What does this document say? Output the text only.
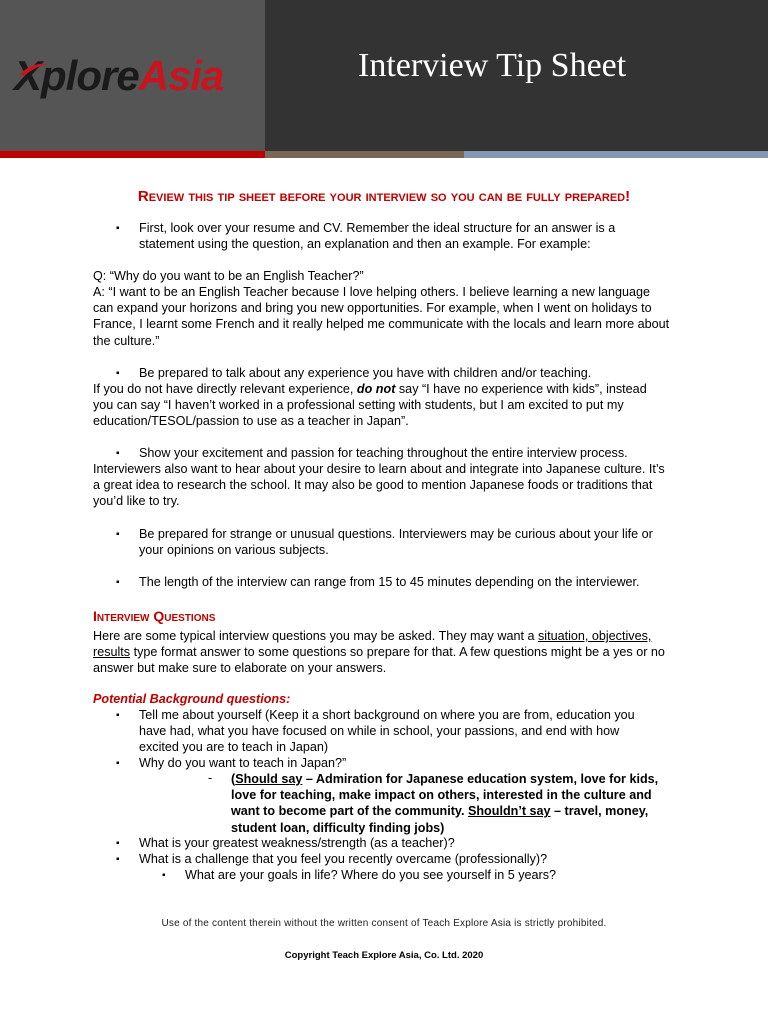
XploreAsia	Interview Tip Sheet
Review this tip sheet before your interview so you can be fully prepared!
▪ First, look over your resume and CV. Remember the ideal structure for an answer is a statement using the question, an explanation and then an example. For example:
Q: “Why do you want to be an English Teacher?”
A: “I want to be an English Teacher because I love helping others. I believe learning a new language can expand your horizons and bring you new opportunities. For example, when I went on holidays to France, I learnt some French and it really helped me communicate with the locals and learn more about the culture.”
▪ Be prepared to talk about any experience you have with children and/or teaching.
If you do not have directly relevant experience, do not say “I have no experience with kids”, instead you can say “I haven’t worked in a professional setting with students, but I am excited to put my education/TESOL/passion to use as a teacher in Japan”.
▪ Show your excitement and passion for teaching throughout the entire interview process.
Interviewers also want to hear about your desire to learn about and integrate into Japanese culture. It’s a great idea to research the school. It may also be good to mention Japanese foods or traditions that you’d like to try.
▪ Be prepared for strange or unusual questions. Interviewers may be curious about your life or your opinions on various subjects.
▪ The length of the interview can range from 15 to 45 minutes depending on the interviewer.
Interview Questions
Here are some typical interview questions you may be asked. They may want a situation, objectives, results type format answer to some questions so prepare for that. A few questions might be a yes or no answer but make sure to elaborate on your answers.
Potential Background questions:
▪ Tell me about yourself (Keep it a short background on where you are from, education you have had, what you have focused on while in school, your passions, and end with how excited you are to teach in Japan)
▪ Why do you want to teach in Japan?”
- (Should say – Admiration for Japanese education system, love for kids, love for teaching, make impact on others, interested in the culture and want to become part of the community. Shouldn’t say – travel, money, student loan, difficulty finding jobs)
▪ What is your greatest weakness/strength (as a teacher)?
▪ What is a challenge that you feel you recently overcame (professionally)?
▪ What are your goals in life? Where do you see yourself in 5 years?
Use of the content therein without the written consent of Teach Explore Asia is strictly prohibited.
Copyright Teach Explore Asia, Co. Ltd. 2020
